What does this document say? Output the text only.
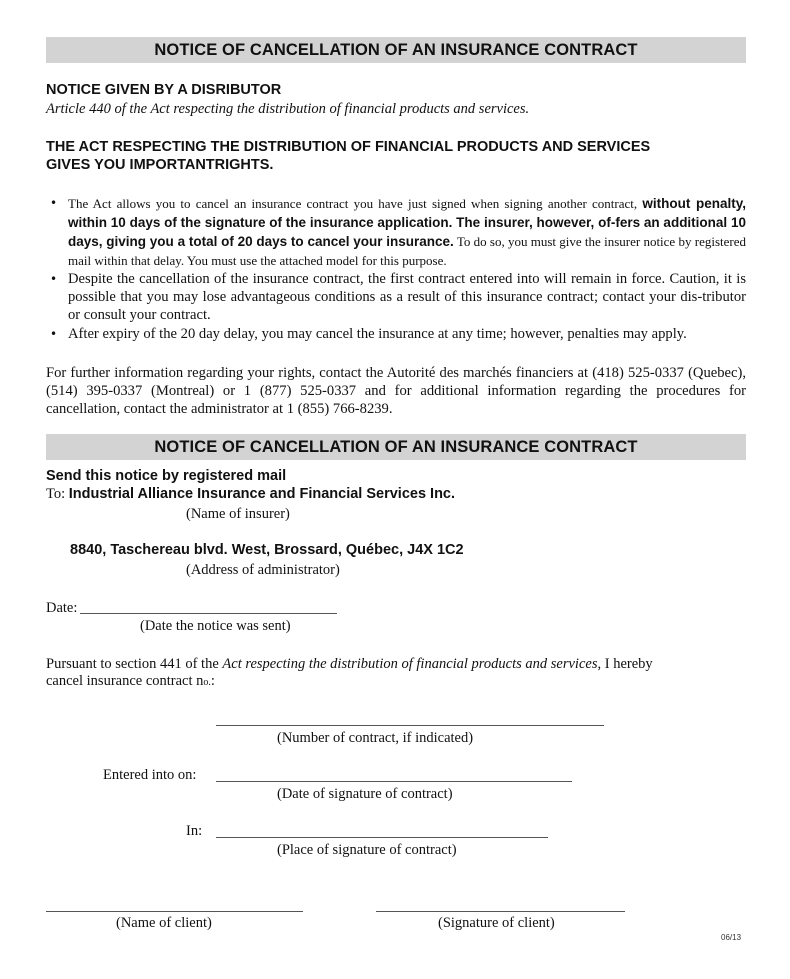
NOTICE OF CANCELLATION OF AN INSURANCE CONTRACT
NOTICE GIVEN BY A DISRIBUTOR
Article 440 of the Act respecting the distribution of financial products and services.
THE ACT RESPECTING THE DISTRIBUTION OF FINANCIAL PRODUCTS AND SERVICES
GIVES YOU IMPORTANTRIGHTS.
• The Act allows you to cancel an insurance contract you have just signed when signing another contract, without penalty, within 10 days of the signature of the insurance application. The insurer, however, of-fers an additional 10 days, giving you a total of 20 days to cancel your insurance. To do so, you must give the insurer notice by registered mail within that delay. You must use the attached model for this purpose.
• Despite the cancellation of the insurance contract, the first contract entered into will remain in force. Caution, it is possible that you may lose advantageous conditions as a result of this insurance contract; contact your dis-tributor or consult your contract.
• After expiry of the 20 day delay, you may cancel the insurance at any time; however, penalties may apply.
For further information regarding your rights, contact the Autorité des marchés financiers at (418) 525-0337 (Quebec), (514) 395-0337 (Montreal) or 1 (877) 525-0337 and for additional information regarding the procedures for cancellation, contact the administrator at 1 (855) 766-8239.
NOTICE OF CANCELLATION OF AN INSURANCE CONTRACT
Send this notice by registered mail
To: Industrial Alliance Insurance and Financial Services Inc.
(Name of insurer)
8840, Taschereau blvd. West, Brossard, Québec, J4X 1C2
(Address of administrator)
Date:
(Date the notice was sent)
Pursuant to section 441 of the Act respecting the distribution of financial products and services, I hereby
cancel insurance contract no.:
(Number of contract, if indicated)
Entered into on:
(Date of signature of contract)
In:
(Place of signature of contract)
(Name of client)	(Signature of client)
06/13
